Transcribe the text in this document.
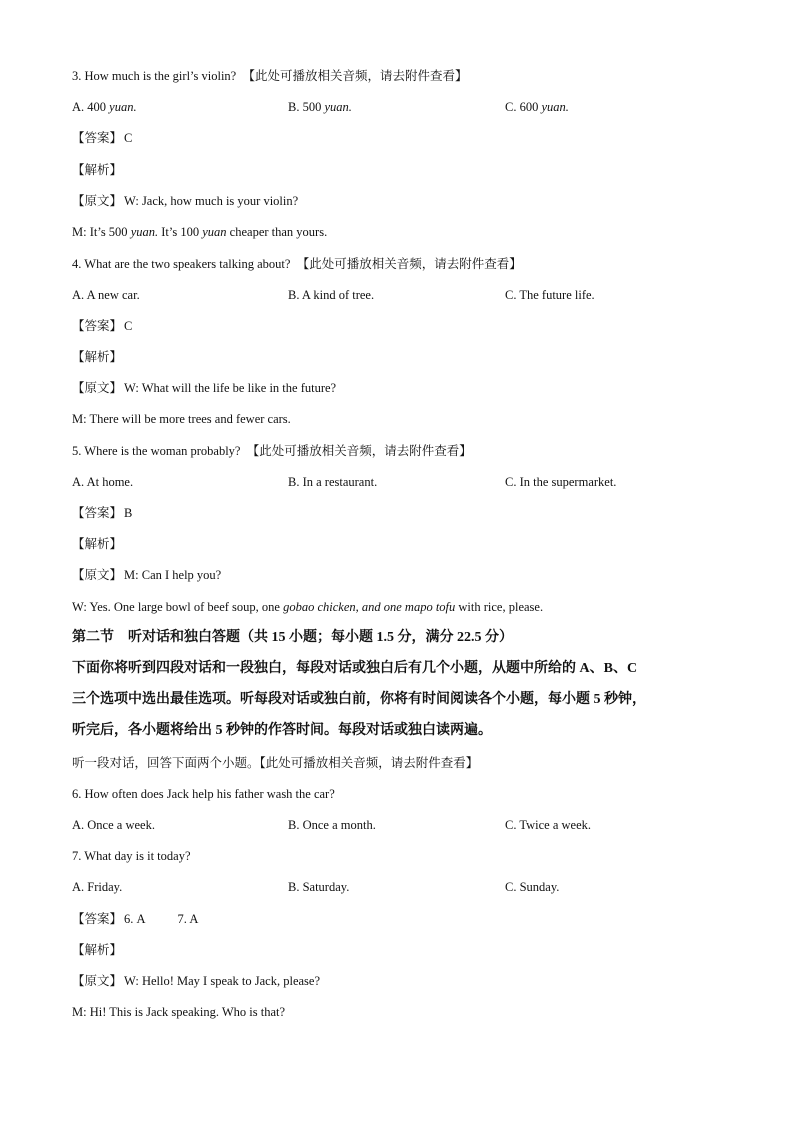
3. How much is the girl’s violin? 【此处可播放相关音频，请去附件查看】
A. 400 yuan.	B. 500 yuan.	C. 600 yuan.
【答案】 C
【解析】
【原文】 W: Jack, how much is your violin?
M: It’s 500 yuan. It’s 100 yuan cheaper than yours.
4. What are the two speakers talking about? 【此处可播放相关音频，请去附件查看】
A. A new car.	B. A kind of tree.	C. The future life.
【答案】 C
【解析】
【原文】 W: What will the life be like in the future?
M: There will be more trees and fewer cars.
5. Where is the woman probably? 【此处可播放相关音频，请去附件查看】
A. At home.	B. In a restaurant.	C. In the supermarket.
【答案】 B
【解析】
【原文】 M: Can I help you?
W: Yes. One large bowl of beef soup, one gobao chicken, and one mapo tofu with rice, please.
第二节　听对话和独白答题（共 15 小题；每小题 1.5 分，满分 22.5 分）
下面你将听到四段对话和一段独白，每段对话或独白后有几个小题，从题中所给的 A、B、C
三个选项中选出最佳选项。听每段对话或独白前，你将有时间阅读各个小题，每小题 5 秒钟，
听完后，各小题将给出 5 秒钟的作答时间。每段对话或独白读两遍。
听一段对话，回答下面两个小题。【此处可播放相关音频，请去附件查看】
6. How often does Jack help his father wash the car?
A. Once a week.	B. Once a month.	C. Twice a week.
7. What day is it today?
A. Friday.	B. Saturday.	C. Sunday.
【答案】 6. A	7. A
【解析】
【原文】 W: Hello! May I speak to Jack, please?
M: Hi! This is Jack speaking. Who is that?
